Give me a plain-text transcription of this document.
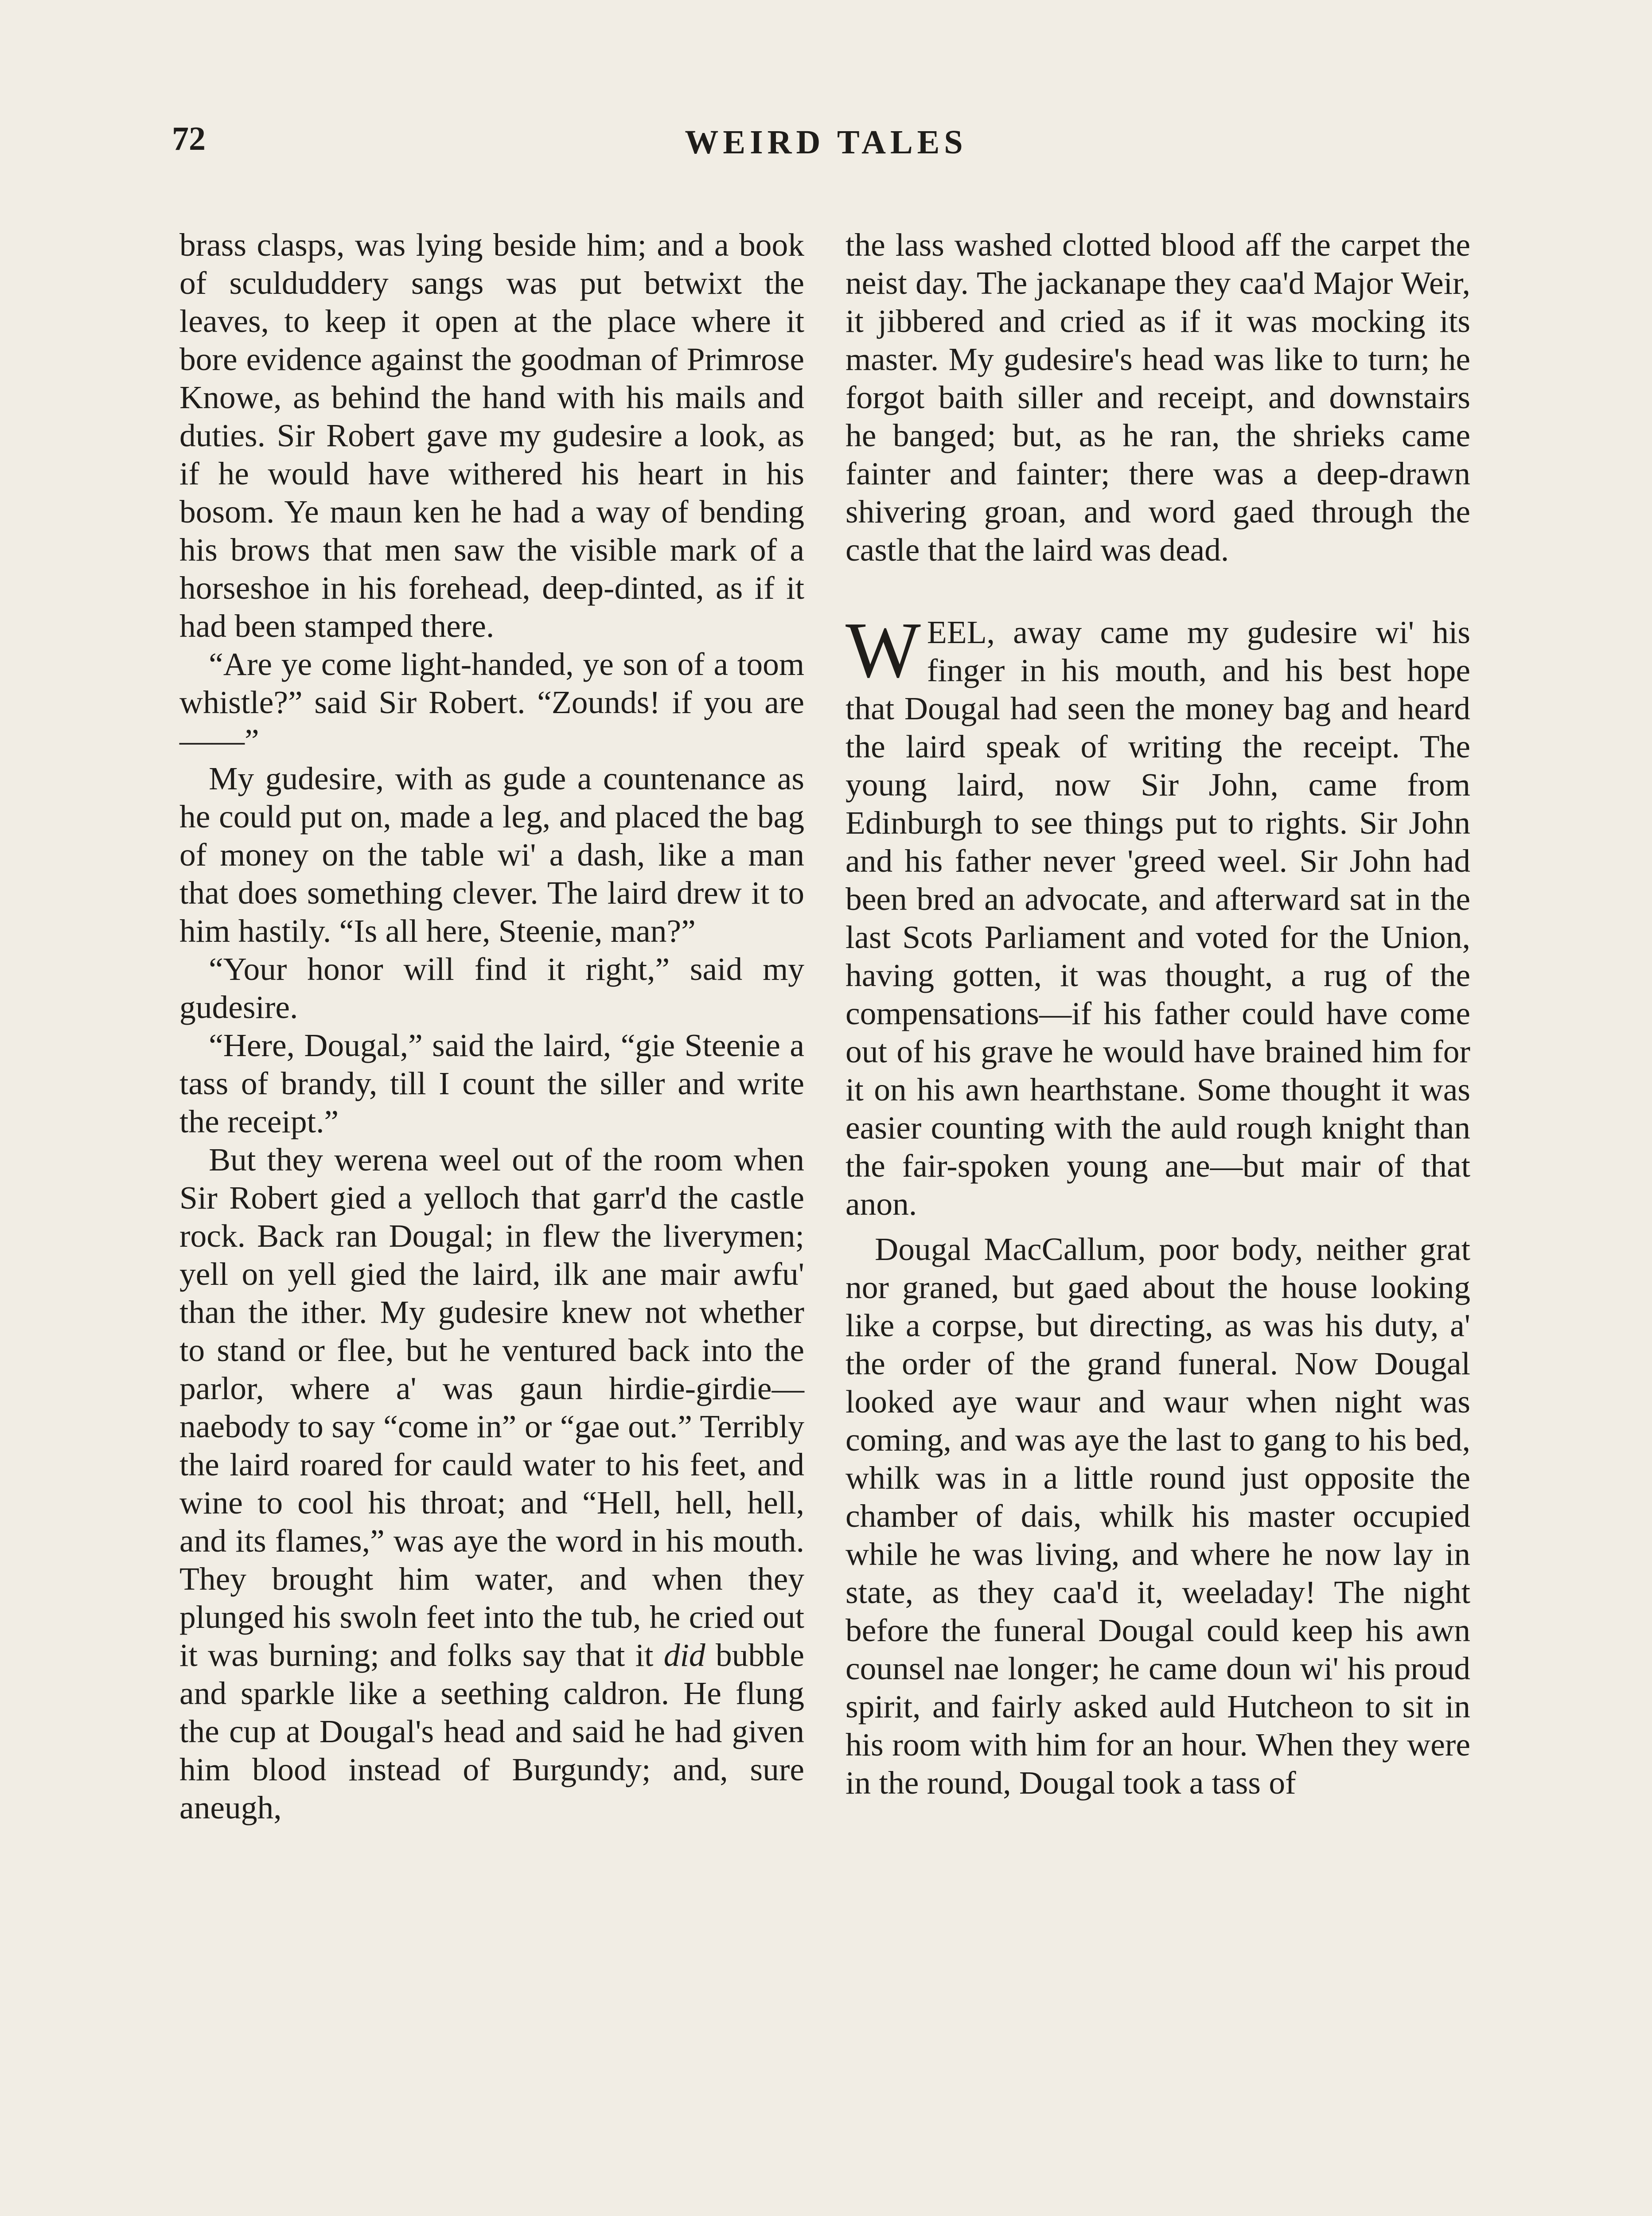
72	WEIRD TALES

brass clasps, was lying beside him; and a book of sculduddery sangs was put betwixt the leaves, to keep it open at the place where it bore evidence against the goodman of Primrose Knowe, as behind the hand with his mails and duties. Sir Robert gave my gudesire a look, as if he would have withered his heart in his bosom. Ye maun ken he had a way of bending his brows that men saw the visible mark of a horseshoe in his forehead, deep-dinted, as if it had been stamped there.

“Are ye come light-handed, ye son of a toom whistle?” said Sir Robert. “Zounds! if you are——”

My gudesire, with as gude a countenance as he could put on, made a leg, and placed the bag of money on the table wi' a dash, like a man that does something clever. The laird drew it to him hastily. “Is all here, Steenie, man?”

“Your honor will find it right,” said my gudesire.

“Here, Dougal,” said the laird, “gie Steenie a tass of brandy, till I count the siller and write the receipt.”

But they werena weel out of the room when Sir Robert gied a yelloch that garr'd the castle rock. Back ran Dougal; in flew the liverymen; yell on yell gied the laird, ilk ane mair awfu' than the ither. My gudesire knew not whether to stand or flee, but he ventured back into the parlor, where a' was gaun hirdie-girdie—naebody to say “come in” or “gae out.” Terribly the laird roared for cauld water to his feet, and wine to cool his throat; and “Hell, hell, hell, and its flames,” was aye the word in his mouth. They brought him water, and when they plunged his swoln feet into the tub, he cried out it was burning; and folks say that it did bubble and sparkle like a seething caldron. He flung the cup at Dougal's head and said he had given him blood instead of Burgundy; and, sure aneugh,

the lass washed clotted blood aff the carpet the neist day. The jackanape they caa'd Major Weir, it jibbered and cried as if it was mocking its master. My gudesire's head was like to turn; he forgot baith siller and receipt, and downstairs he banged; but, as he ran, the shrieks came fainter and fainter; there was a deep-drawn shivering groan, and word gaed through the castle that the laird was dead.

WEEL, away came my gudesire wi' his finger in his mouth, and his best hope that Dougal had seen the money bag and heard the laird speak of writing the receipt. The young laird, now Sir John, came from Edinburgh to see things put to rights. Sir John and his father never 'greed weel. Sir John had been bred an advocate, and afterward sat in the last Scots Parliament and voted for the Union, having gotten, it was thought, a rug of the compensations—if his father could have come out of his grave he would have brained him for it on his awn hearthstane. Some thought it was easier counting with the auld rough knight than the fair-spoken young ane—but mair of that anon.

Dougal MacCallum, poor body, neither grat nor graned, but gaed about the house looking like a corpse, but directing, as was his duty, a' the order of the grand funeral. Now Dougal looked aye waur and waur when night was coming, and was aye the last to gang to his bed, whilk was in a little round just opposite the chamber of dais, whilk his master occupied while he was living, and where he now lay in state, as they caa'd it, weeladay! The night before the funeral Dougal could keep his awn counsel nae longer; he came doun wi' his proud spirit, and fairly asked auld Hutcheon to sit in his room with him for an hour. When they were in the round, Dougal took a tass of
